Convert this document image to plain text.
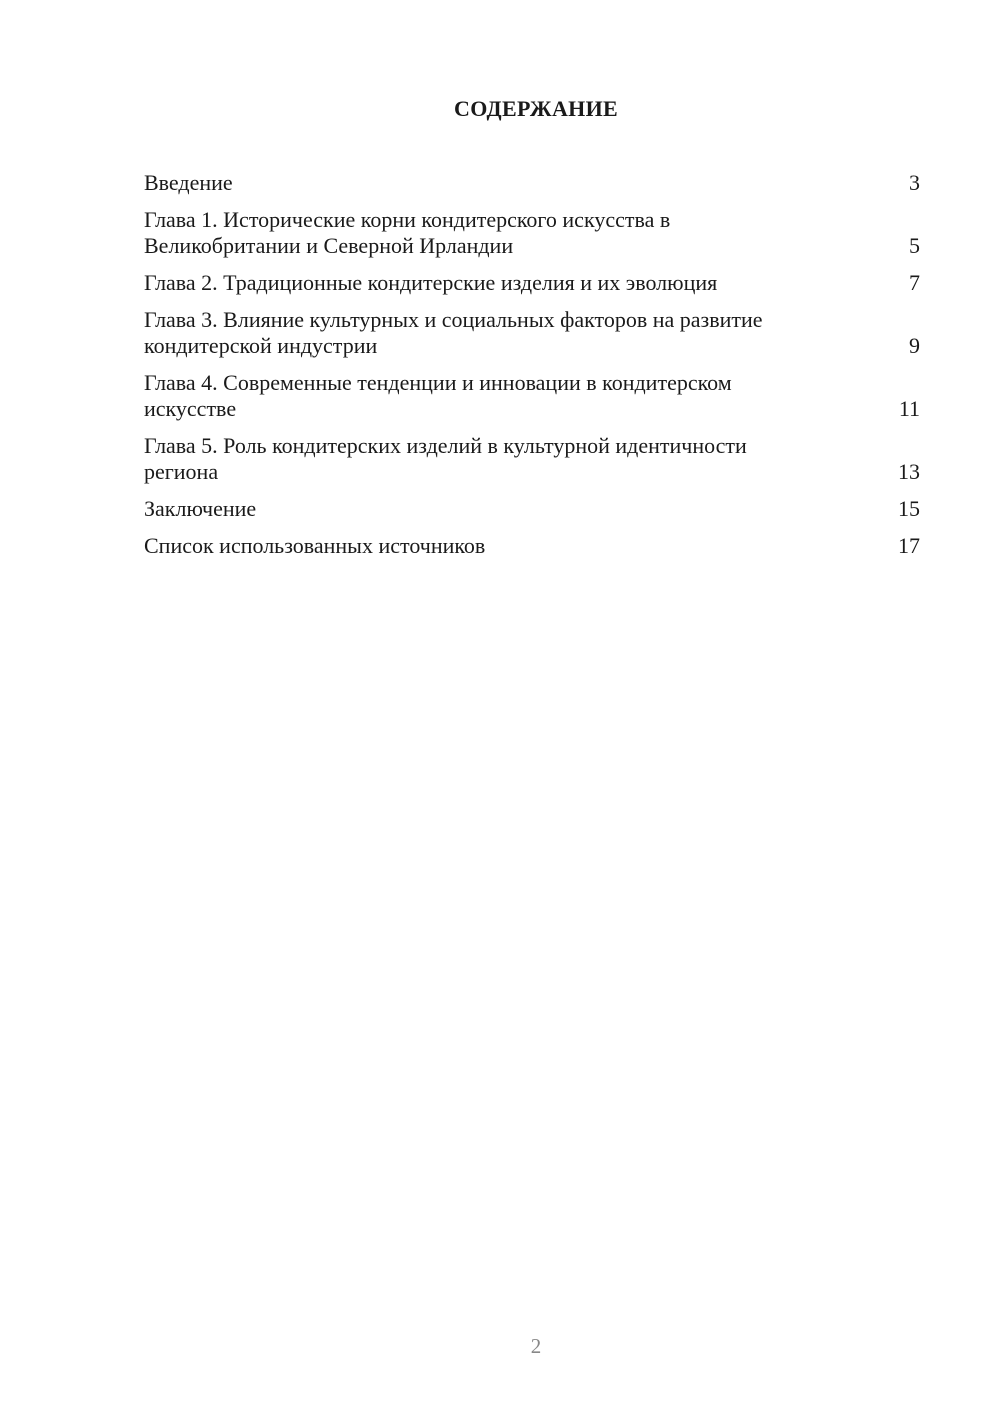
СОДЕРЖАНИЕ
Введение	3
Глава 1. Исторические корни кондитерского искусства в Великобритании и Северной Ирландии	5
Глава 2. Традиционные кондитерские изделия и их эволюция	7
Глава 3. Влияние культурных и социальных факторов на развитие кондитерской индустрии	9
Глава 4. Современные тенденции и инновации в кондитерском искусстве	11
Глава 5. Роль кондитерских изделий в культурной идентичности региона	13
Заключение	15
Список использованных источников	17
2
